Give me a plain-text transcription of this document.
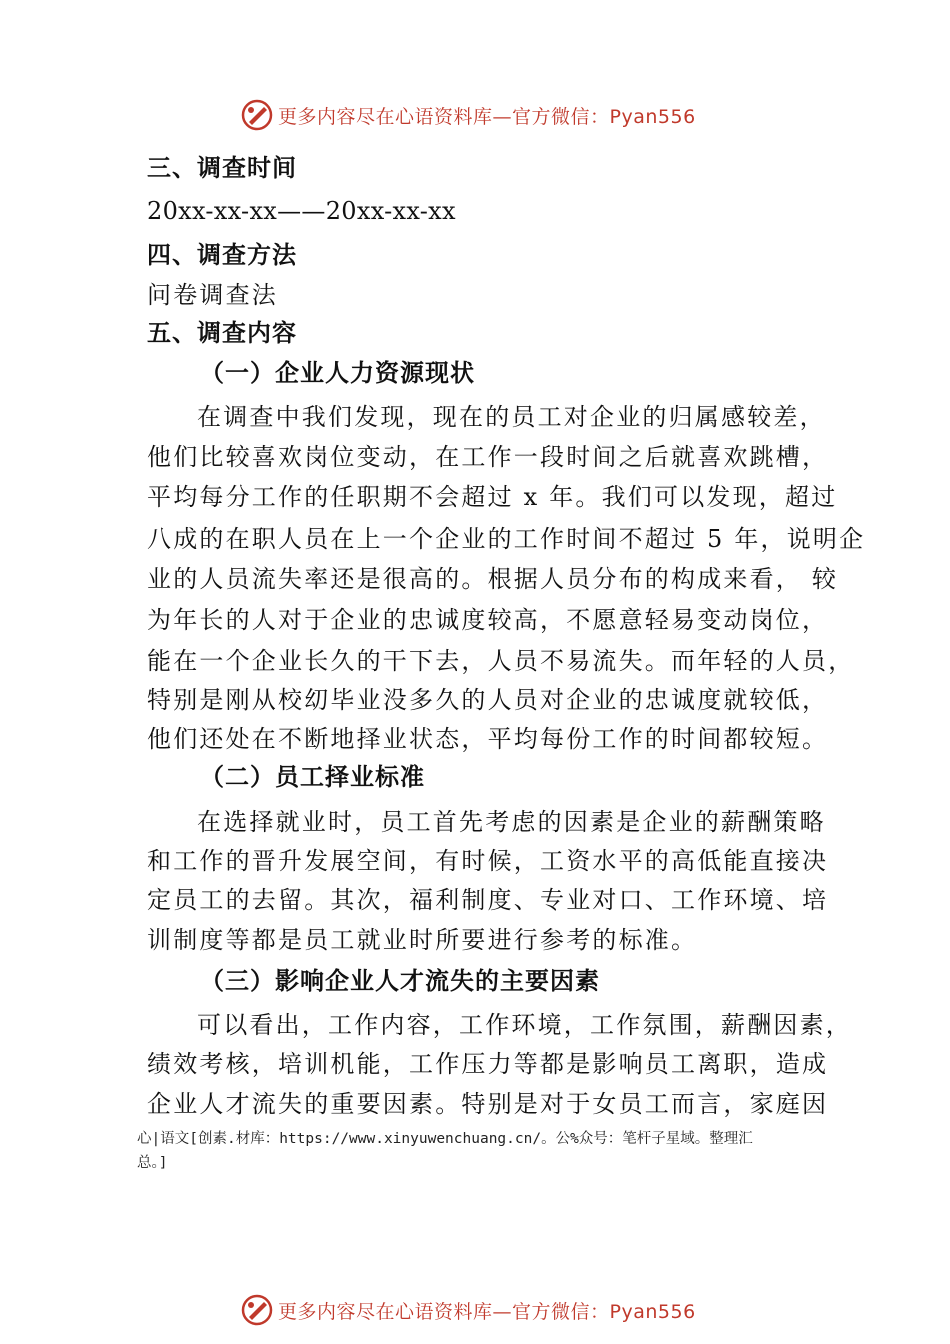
更多内容尽在心语资料库—官方微信：Pyan556
三、调查时间
20xx-xx-xx——20xx-xx-xx
四、调查方法
问卷调查法
五、调查内容
（一）企业人力资源现状
在调查中我们发现，现在的员工对企业的归属感较差，
他们比较喜欢岗位变动，在工作一段时间之后就喜欢跳槽，
平均每分工作的任职期不会超过 x 年。我们可以发现，超过
八成的在职人员在上一个企业的工作时间不超过 5 年，说明企
业的人员流失率还是很高的。根据人员分布的构成来看， 较
为年长的人对于企业的忠诚度较高，不愿意轻易变动岗位，
能在一个企业长久的干下去，人员不易流失。而年轻的人员，
特别是刚从校㓜毕业没多久的人员对企业的忠诚度就较低，
他们还处在不断地择业状态，平均每份工作的时间都较短。
（二）员工择业标准
在选择就业时，员工首先考虑的因素是企业的薪酬策略
和工作的晋升发展空间，有时候，工资水平的高低能直接决
定员工的去留。其次，福利制度、专业对口、工作环境、培
训制度等都是员工就业时所要进行参考的标准。
（三）影响企业人才流失的主要因素
可以看出，工作内容，工作环境，工作氛围，薪酬因素，
绩效考核，培训机能，工作压力等都是影响员工离职，造成
企业人才流失的重要因素。特别是对于女员工而言，家庭因
心|语文[创素.材库：https://www.xinyuwenchuang.cn/。公%众号：笔杆子星域。整理汇
总。]
更多内容尽在心语资料库—官方微信：Pyan556
